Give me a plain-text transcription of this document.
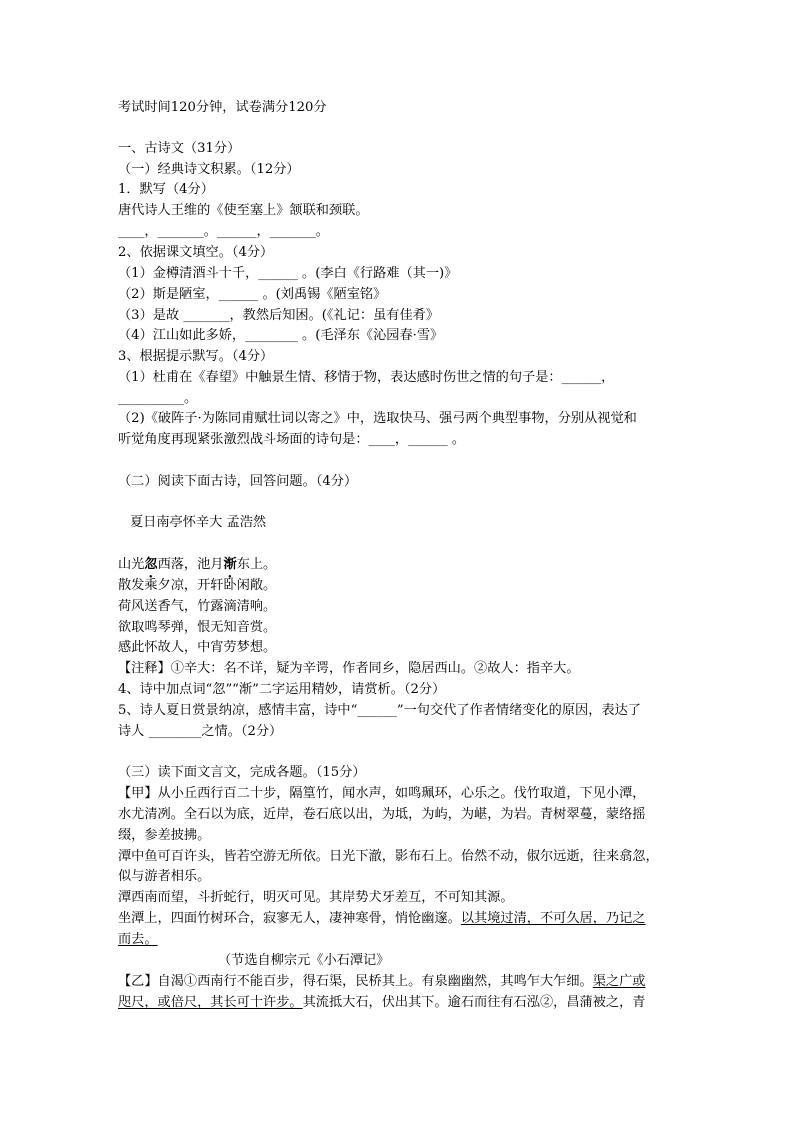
考试时间120分钟，试卷满分120分
一、古诗文（31分）
（一）经典诗文积累。（12分）
1．默写（4分）
唐代诗人王维的《使至塞上》颔联和颈联。
____，_______。______，_______。
2、依据课文填空。（4分）
（1）金樽清酒斗十千，______ 。(李白《行路难（其一)》
（2）斯是陋室，______ 。(刘禹锡《陋室铭》
（3）是故 _______，教然后知困。(《礼记：虽有佳肴》
（4）江山如此多娇，________ 。(毛泽东《沁园春·雪》
3、根据提示默写。（4分）
（1）杜甫在《春望》中触景生情、移情于物，表达感时伤世之情的句子是：______，
__________。
（2)《破阵子·为陈同甫赋壮词以寄之》中，选取快马、强弓两个典型事物，分别从视觉和
听觉角度再现紧张激烈战斗场面的诗句是：____，______ 。
（二）阅读下面古诗，回答问题。（4分）
夏日南亭怀辛大 孟浩然
山光忽西落，池月渐东上。
散发乘夕凉，开轩卧闲敞。
荷风送香气，竹露滴清响。
欲取鸣琴弹，恨无知音赏。
感此怀故人，中宵劳梦想。
【注释】①辛大：名不详，疑为辛谔，作者同乡，隐居西山。②故人：指辛大。
4、诗中加点词“忽”“渐”二字运用精妙，请赏析。（2分）
5、诗人夏日赏景纳凉，感情丰富，诗中“______”一句交代了作者情绪变化的原因，表达了
诗人 ________之情。（2分）
（三）读下面文言文，完成各题。（15分）
【甲】从小丘西行百二十步，隔篁竹，闻水声，如鸣珮环，心乐之。伐竹取道，下见小潭，
水尤清冽。全石以为底，近岸，卷石底以出，为坻，为屿，为嵁，为岩。青树翠蔓，蒙络摇
缀，参差披拂。
潭中鱼可百许头，皆若空游无所依。日光下澈，影布石上。佁然不动，俶尔远逝，往来翕忽，
似与游者相乐。
潭西南而望，斗折蛇行，明灭可见。其岸势犬牙差互，不可知其源。
坐潭上，四面竹树环合，寂寥无人，凄神寒骨，悄怆幽邃。以其境过清，不可久居，乃记之
而去。
（节选自柳宗元《小石潭记》
【乙】自渴①西南行不能百步，得石渠，民桥其上。有泉幽幽然，其鸣乍大乍细。渠之广或
咫尺，或倍尺，其长可十许步。其流抵大石，伏出其下。逾石而往有石泓②，昌蒲被之，青
